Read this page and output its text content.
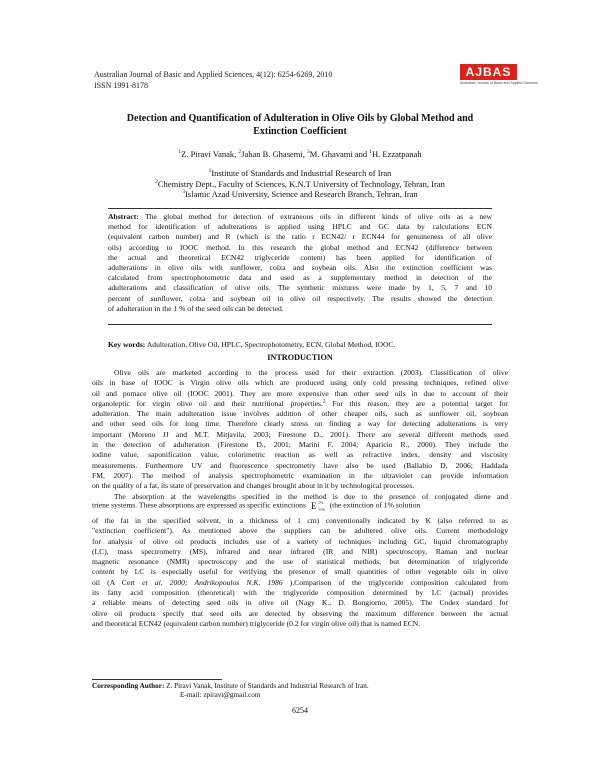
Australian Journal of Basic and Applied Sciences, 4(12): 6254-6269, 2010
ISSN 1991-8178
AJBAS
Australian Journal of Basic and Applied Sciences
Detection and Quantification of Adulteration in Olive Oils by Global Method and
Extinction Coefficient
$^1$Z. Piravi Vanak, $^2$Jahan B. Ghasemi, $^3$M. Ghavami and $^1$H. Ezzatpanah
$^1$Institute of Standards and Industrial Research of Iran
$^2$Chemistry Dept., Faculty of Sciences, K.N.T University of Technology, Tehran, Iran
$^3$Islamic Azad University, Science and Research Branch, Tehran, Iran
Abstract: The global method for detection of extraneous oils in different kinds of olive oils as a new
method for identification of adulterations is applied using HPLC and GC data by calculations ECN
(equivalent carbon number) and R (which is the ratio r ECN42/ r ECN44 for genuineness of all olive
oils) according to IOOC method. In this research the global method and ECN42 (difference between
the actual and theoretical ECN42 triglyceride content) has been applied for identification of
adulterations in olive oils with sunflower, colza and soybean oils. Also the extinction coefficient was
calculated from spectrophotometric data and used as a supplementary method in detection of the
adulterations and classification of olive oils. The synthetic mixtures were made by 1, 5, 7 and 10
percent of sunflower, colza and soybean oil in olive oil respectively. The results showed the detection
of adulteration in the 1 % of the seed oils can be detected.
Key words: Adulteration, Olive Oil, HPLC, Spectrophotometry, ECN, Global Method, IOOC.
INTRODUCTION
Olive oils are marketed according to the process used for their extraction (2003). Classification of olive
oils in base of IOOC is Virgin olive oils which are produced using only cold pressing techniques, refined olive
oil and pomace olive oil (IOOC 2001). They are more expensive than other seed oils in due to account of their
organoleptic for virgin olive oil and their nutritional properties.$^2$ For this reason, they are a potential target for
adulteration. The main adulteration issue involves addition of other cheaper oils, such as sunflower oil, soybean
and other seed oils for long time. Therefore clearly stress on finding a way for detecting adulterations is very
important (Moreno JJ and M.T. Mitjavila, 2003; Firestone D., 2001). There are several different methods used
in the detection of adulteration (Firestone D., 2001; Marini F, 2004; Aparicio R., 2000). They include the
iodine value, saponification value, colorimetric reaction as well as refractive index, density and viscosity
measurements. Furthermore UV and fluorescence spectrometry have also be used (Ballabio D, 2006; Haddada
FM, 2007). The method of analysis spectrophometric examination in the ultraviolet can provide information
on the quality of a fat, its state of preservation and changes brought about in it by technological processes.
The absorption at the wavelengths specified in the method is due to the presence of conjugated diene and
triene systems. These absorptions are expressed as specific extinctions E 1%
1cm (the extinction of 1% solution
of the fat in the specified solvent, in a thickness of 1 cm) conventionally indicated by K (also referred to as
"extinction coefficient"). As mentioned above the suppliers can be adultered olive oils. Current methodology
for analysis of olive oil products includes use of a variety of techniques including GC, liquid chromatography
(LC), mass spectrometry (MS), infrared and near infrared (IR and NIR) spectroscopy, Raman and nuclear
magnetic resonance (NMR) spectroscopy and the use of statistical methods, but determination of triglyceride
content by LC is especially useful for verifying the presence of small quantities of other vegetable oils in olive
oil (A Cert et al, 2000; Andrikopoulos N.K, 1986 ).Comparison of the triglyceride composition calculated from
its fatty acid composition (theoretical) with the triglyceride composition determined by LC (actual) provides
a reliable means of detecting seed oils in olive oil (Nagy K., D. Bongiorno, 2005). The Codex standard for
olive oil products specify that seed oils are detected by observing the maximum difference between the actual
and theoretical ECN42 (equivalent carbon number) triglyceride (0.2 for virgin olive oil) that is named ECN.
Corresponding Author: Z. Piravi Vanak, Institute of Standards and Industrial Research of Iran.
E-mail: zpiravi@gmail.com
6254
